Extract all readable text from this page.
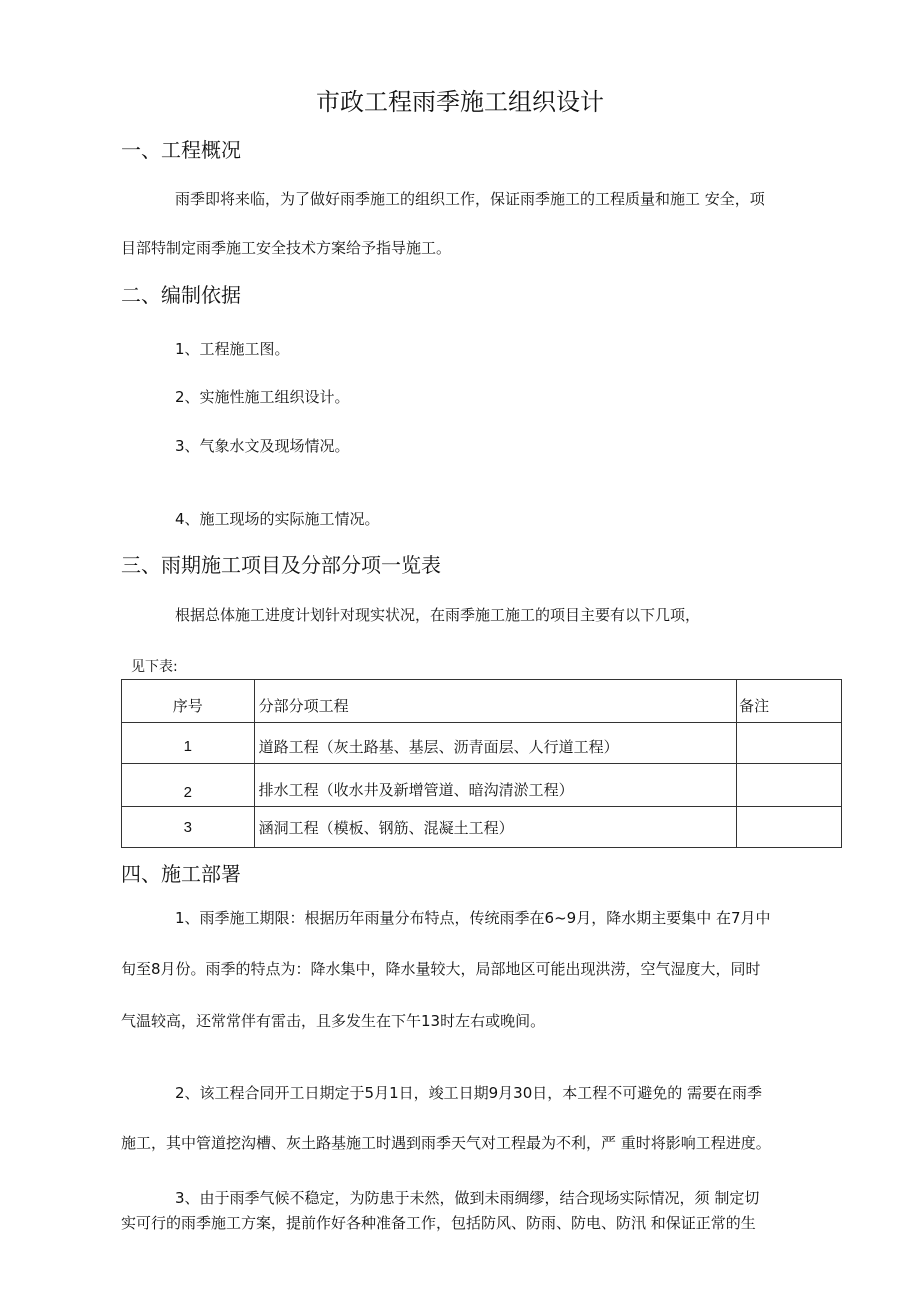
市政工程雨季施工组织设计
一、工程概况
雨季即将来临，为了做好雨季施工的组织工作，保证雨季施工的工程质量和施工 安全，项
目部特制定雨季施工安全技术方案给予指导施工。
二、编制依据
1、工程施工图。
2、实施性施工组织设计。
3、气象水文及现场情况。
4、施工现场的实际施工情况。
三、雨期施工项目及分部分项一览表
根据总体施工进度计划针对现实状况，在雨季施工施工的项目主要有以下几项，
见下表:
序号	分部分项工程	备注

1	道路工程（灰土路基、基层、沥青面层、人行道工程）	

2	排水工程（收水井及新增管道、暗沟清淤工程）	

3	涵洞工程（模板、钢筋、混凝土工程）	

四、施工部署
1、雨季施工期限：根据历年雨量分布特点，传统雨季在6~9月，降水期主要集中 在7月中
旬至8月份。雨季的特点为：降水集中，降水量较大，局部地区可能出现洪涝，空气湿度大，同时
气温较高，还常常伴有雷击，且多发生在下午13时左右或晚间。
2、该工程合同开工日期定于5月1日，竣工日期9月30日，本工程不可避免的 需要在雨季
施工，其中管道挖沟槽、灰土路基施工时遇到雨季天气对工程最为不利，严 重时将影响工程进度。
3、由于雨季气候不稳定，为防患于未然，做到未雨绸缪，结合现场实际情况，须 制定切
实可行的雨季施工方案，提前作好各种准备工作，包括防风、防雨、防电、防汛 和保证正常的生
